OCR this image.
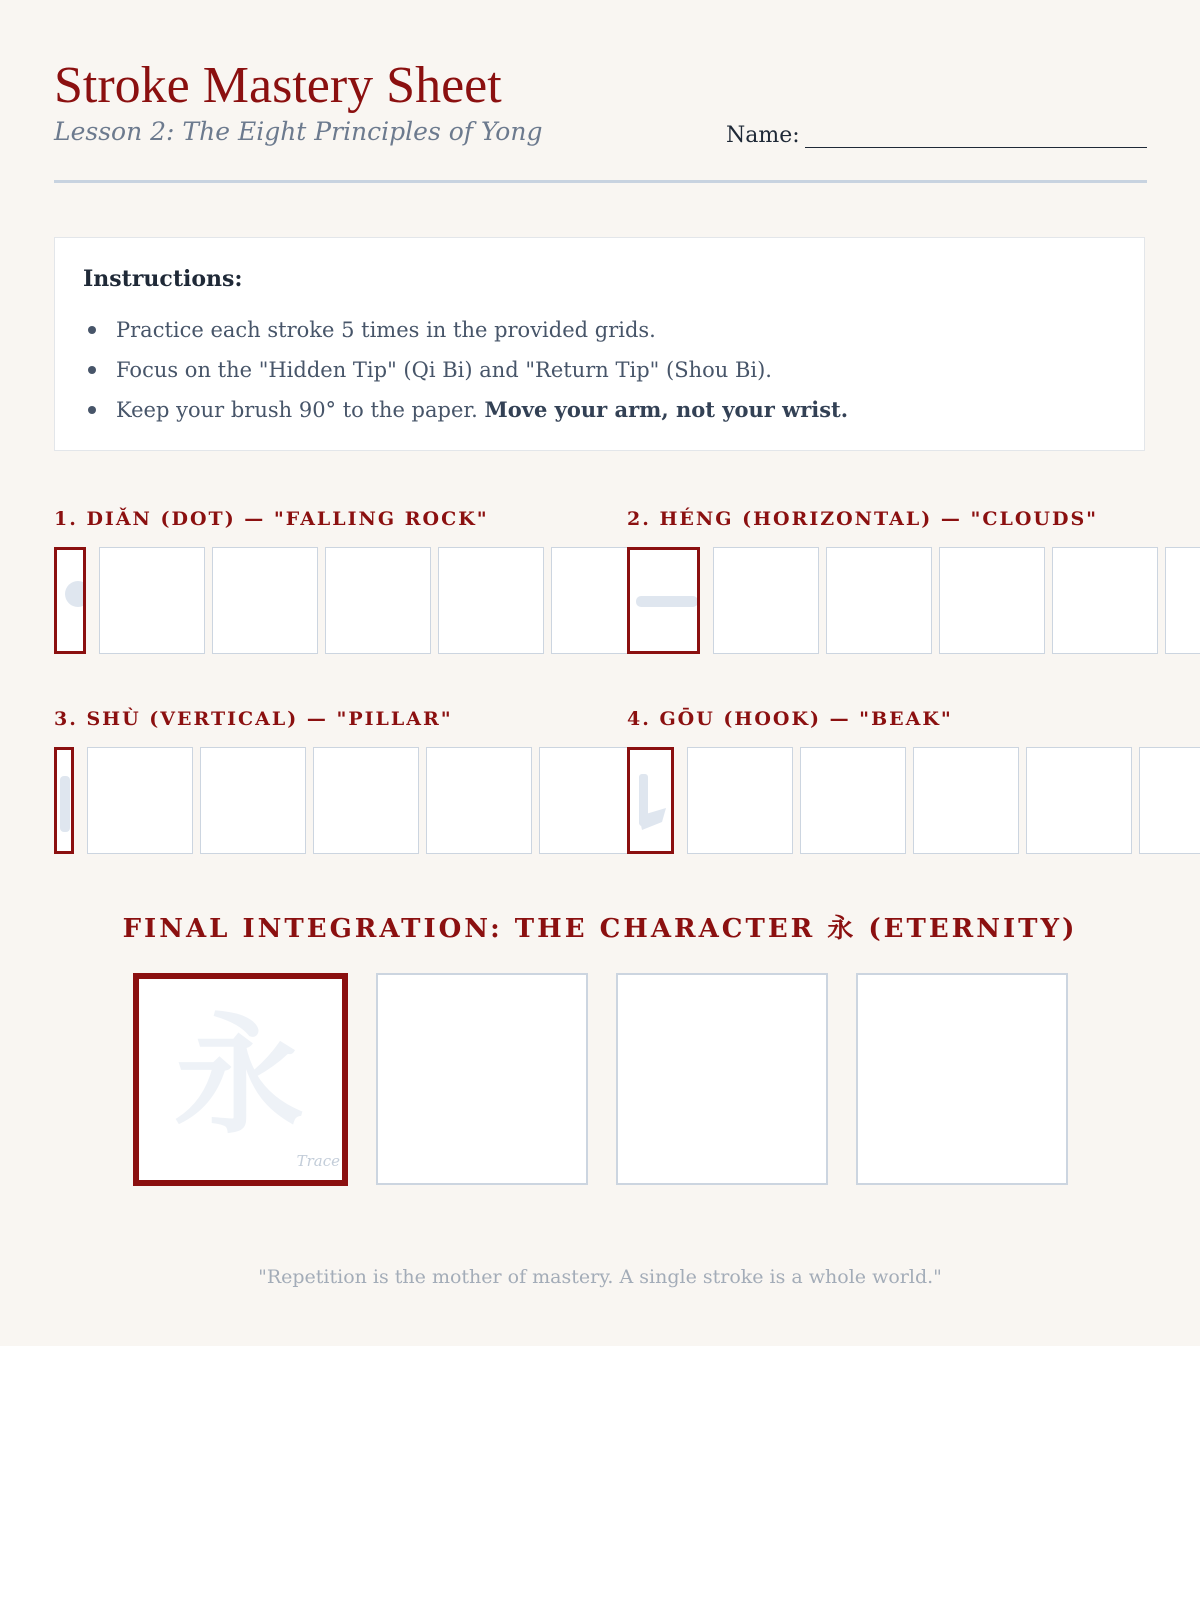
Stroke Mastery Sheet
Lesson 2: The Eight Principles of Yong	Name:
Instructions:
Practice each stroke 5 times in the provided grids.
Focus on the "Hidden Tip" (Qi Bi) and "Return Tip" (Shou Bi).
Keep your brush 90° to the paper. Move your arm, not your wrist.
1. DIǍN (DOT) — "FALLING ROCK"	2. HÉNG (HORIZONTAL) — "CLOUDS"
3. SHÙ (VERTICAL) — "PILLAR"	4. GŌU (HOOK) — "BEAK"
FINAL INTEGRATION: THE CHARACTER 永 (ETERNITY)
永
Trace
"Repetition is the mother of mastery. A single stroke is a whole world."
